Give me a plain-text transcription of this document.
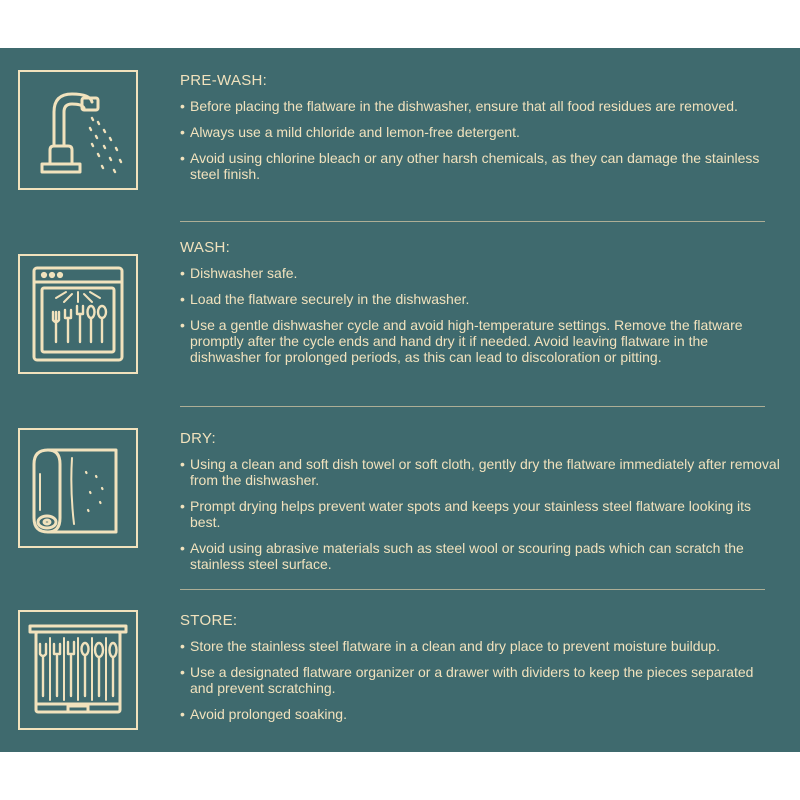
PRE-WASH:
• Before placing the flatware in the dishwasher, ensure that all food residues are removed.
• Always use a mild chloride and lemon-free detergent.
• Avoid using chlorine bleach or any other harsh chemicals, as they can damage the stainless steel finish.
WASH:
• Dishwasher safe.
• Load the flatware securely in the dishwasher.
• Use a gentle dishwasher cycle and avoid high-temperature settings. Remove the flatware promptly after the cycle ends and hand dry it if needed. Avoid leaving flatware in the dishwasher for prolonged periods, as this can lead to discoloration or pitting.
DRY:
• Using a clean and soft dish towel or soft cloth, gently dry the flatware immediately after removal from the dishwasher.
• Prompt drying helps prevent water spots and keeps your stainless steel flatware looking its best.
• Avoid using abrasive materials such as steel wool or scouring pads which can scratch the stainless steel surface.
STORE:
• Store the stainless steel flatware in a clean and dry place to prevent moisture buildup.
• Use a designated flatware organizer or a drawer with dividers to keep the pieces separated and prevent scratching.
• Avoid prolonged soaking.
